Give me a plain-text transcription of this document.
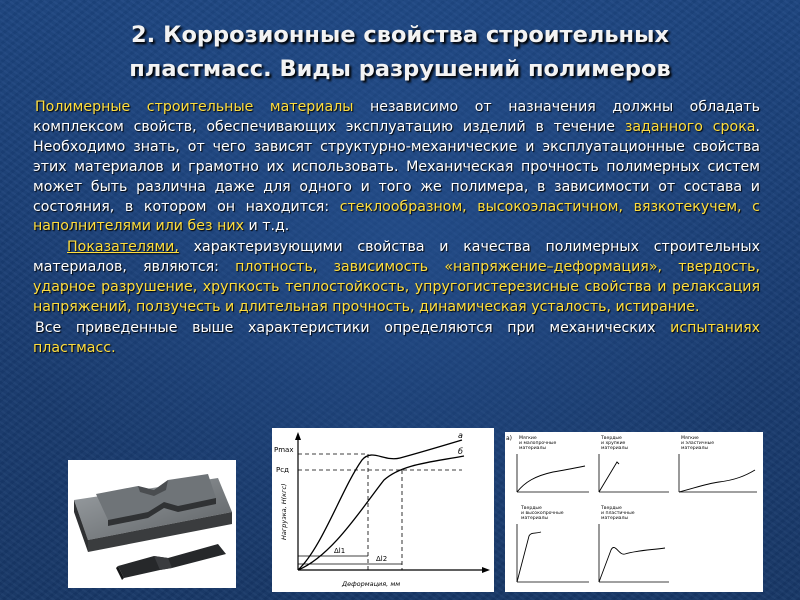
2. Коррозионные свойства строительных
пластмасс. Виды разрушений полимеров

Полимерные строительные материалы независимо от назначения должны обладать комплексом свойств, обеспечивающих эксплуатацию изделий в течение заданного срока. Необходимо знать, от чего зависят структурно-механические и эксплуатационные свойства этих материалов и грамотно их использовать. Механическая прочность полимерных систем может быть различна даже для одного и того же полимера, в зависимости от состава и состояния, в котором он находится: стеклообразном, высокоэластичном, вязкотекучем, с наполнителями или без них и т.д.

Показателями, характеризующими свойства и качества полимерных строительных материалов, являются: плотность, зависимость «напряжение–деформация», твердость, ударное разрушение, хрупкость теплостойкость, упругогистерезисные свойства и релаксация напряжений, ползучесть и длительная прочность, динамическая усталость, истирание.

Все приведенные выше характеристики определяются при механических испытаниях пластмасс.

Pmax
Pсд
Δl1
Δl2
а
б
Нагрузка, Н(кгс)
Деформация, мм
а) Мягкие и малопрочные материалы
Твердые и хрупкие материалы
Мягкие и эластичные материалы
Твердые и высокопрочные материалы
Твердые и пластичные материалы
